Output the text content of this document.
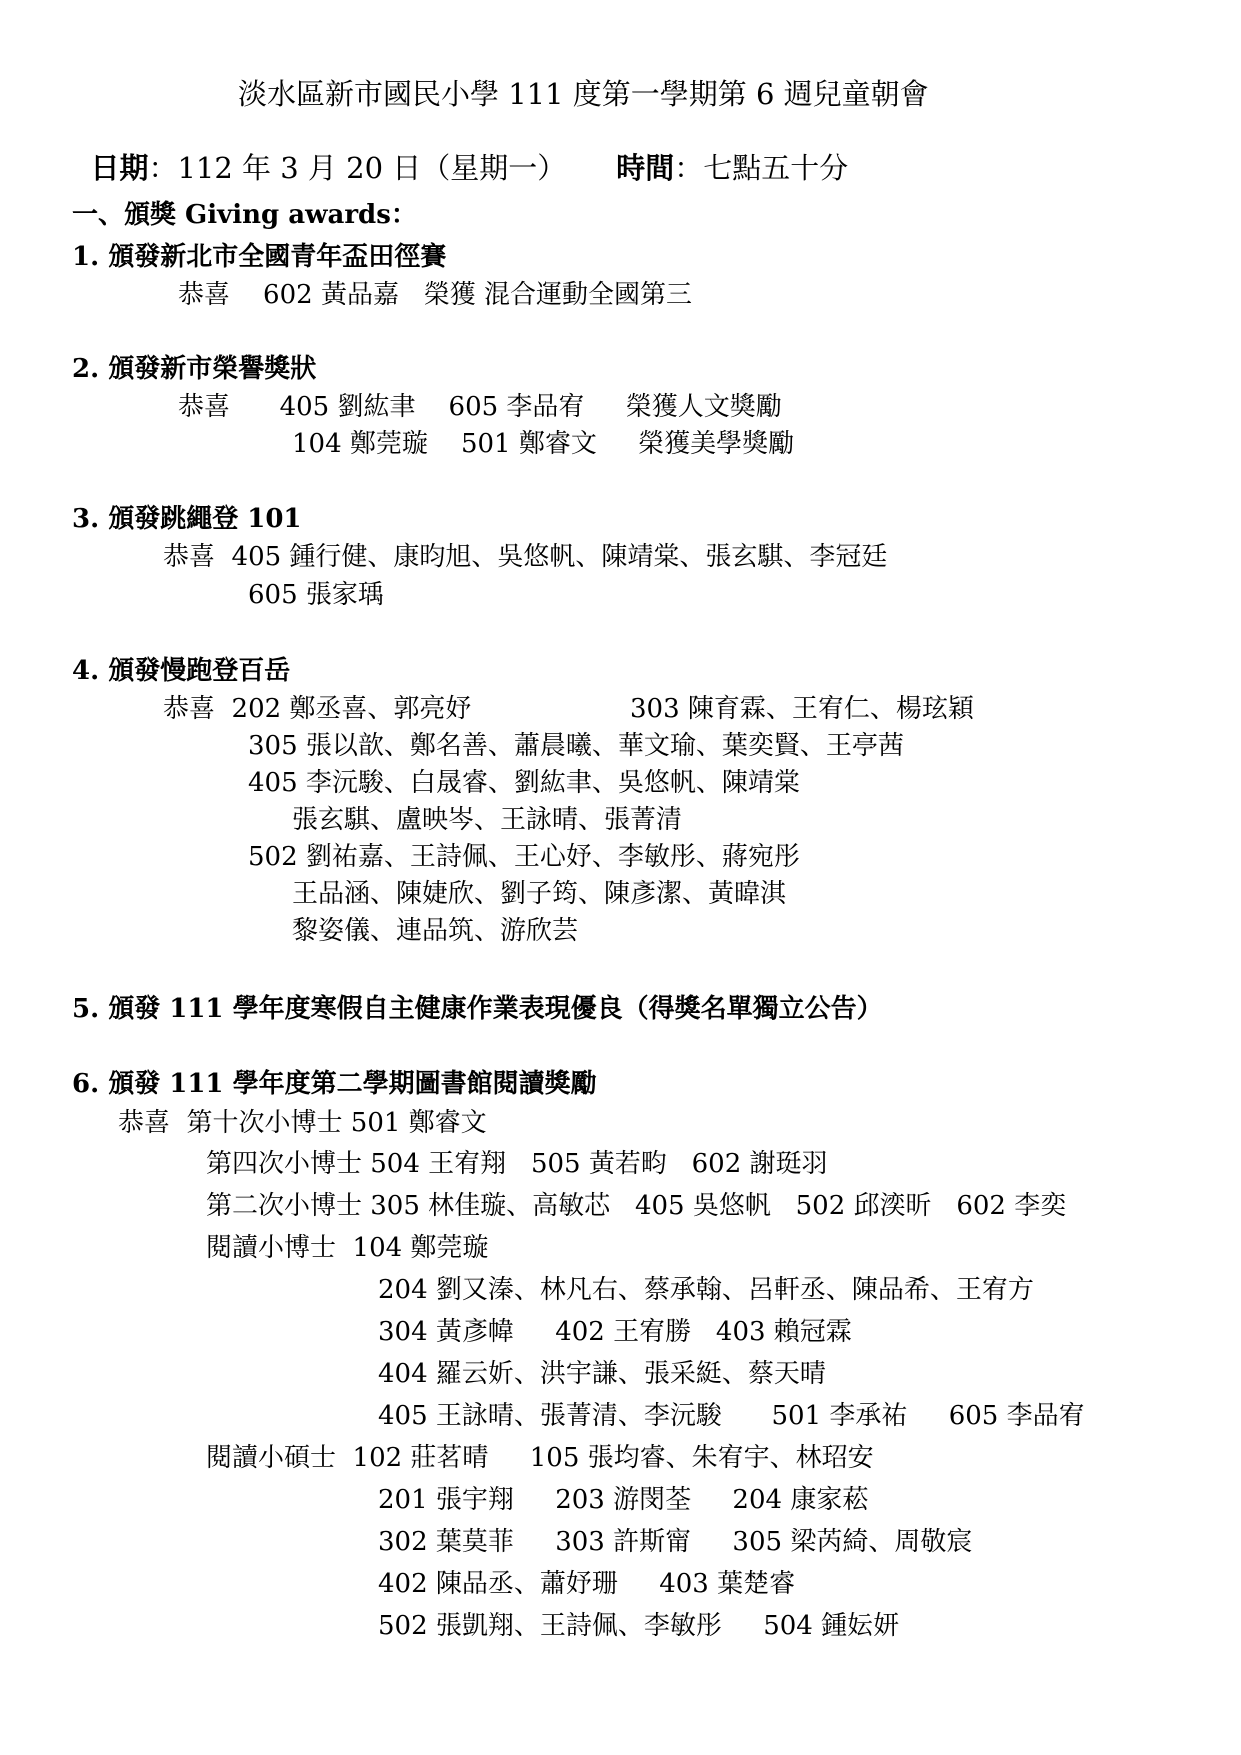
淡水區新市國民小學 111 度第一學期第 6 週兒童朝會

日期：112 年 3 月 20 日（星期一） 時間：七點五十分

一、頒獎 Giving awards：
1. 頒發新北市全國青年盃田徑賽
恭喜    602 黃品嘉   榮獲 混合運動全國第三
2. 頒發新市榮譽獎狀
恭喜      405 劉紘聿    605 李品宥     榮獲人文獎勵
104 鄭莞璇    501 鄭睿文     榮獲美學獎勵
3. 頒發跳繩登 101
恭喜  405 鍾行健、康昀旭、吳悠帆、陳靖棠、張玄騏、李冠廷
605 張家瑀
4. 頒發慢跑登百岳
恭喜  202 鄭丞喜、郭亮妤	303 陳育霖、王宥仁、楊玹穎
305 張以歆、鄭名善、蕭晨曦、華文瑜、葉奕賢、王亭茜
405 李沅駿、白晟睿、劉紘聿、吳悠帆、陳靖棠
張玄騏、盧映岑、王詠晴、張菁清
502 劉祐嘉、王詩佩、王心妤、李敏彤、蔣宛彤
王品涵、陳婕欣、劉子筠、陳彥潔、黃暐淇
黎姿儀、連品筑、游欣芸
5. 頒發 111 學年度寒假自主健康作業表現優良（得獎名單獨立公告）
6. 頒發 111 學年度第二學期圖書館閱讀獎勵
恭喜  第十次小博士 501 鄭睿文
第四次小博士 504 王宥翔   505 黃若畇   602 謝珽羽
第二次小博士 305 林佳璇、高敏芯   405 吳悠帆   502 邱湙昕   602 李奕
閱讀小博士  104 鄭莞璇
204 劉又溱、林凡右、蔡承翰、呂軒丞、陳品希、王宥方
304 黃彥幃     402 王宥勝   403 賴冠霖
404 羅云妡、洪宇謙、張采綎、蔡天晴
405 王詠晴、張菁清、李沅駿      501 李承祐     605 李品宥
閱讀小碩士  102 莊茗晴     105 張均睿、朱宥宇、林玿安
201 張宇翔     203 游閔荃     204 康家菘
302 葉莫菲     303 許斯甯     305 梁芮綺、周敬宸
402 陳品丞、蕭妤珊     403 葉楚睿
502 張凱翔、王詩佩、李敏彤     504 鍾妘妍
